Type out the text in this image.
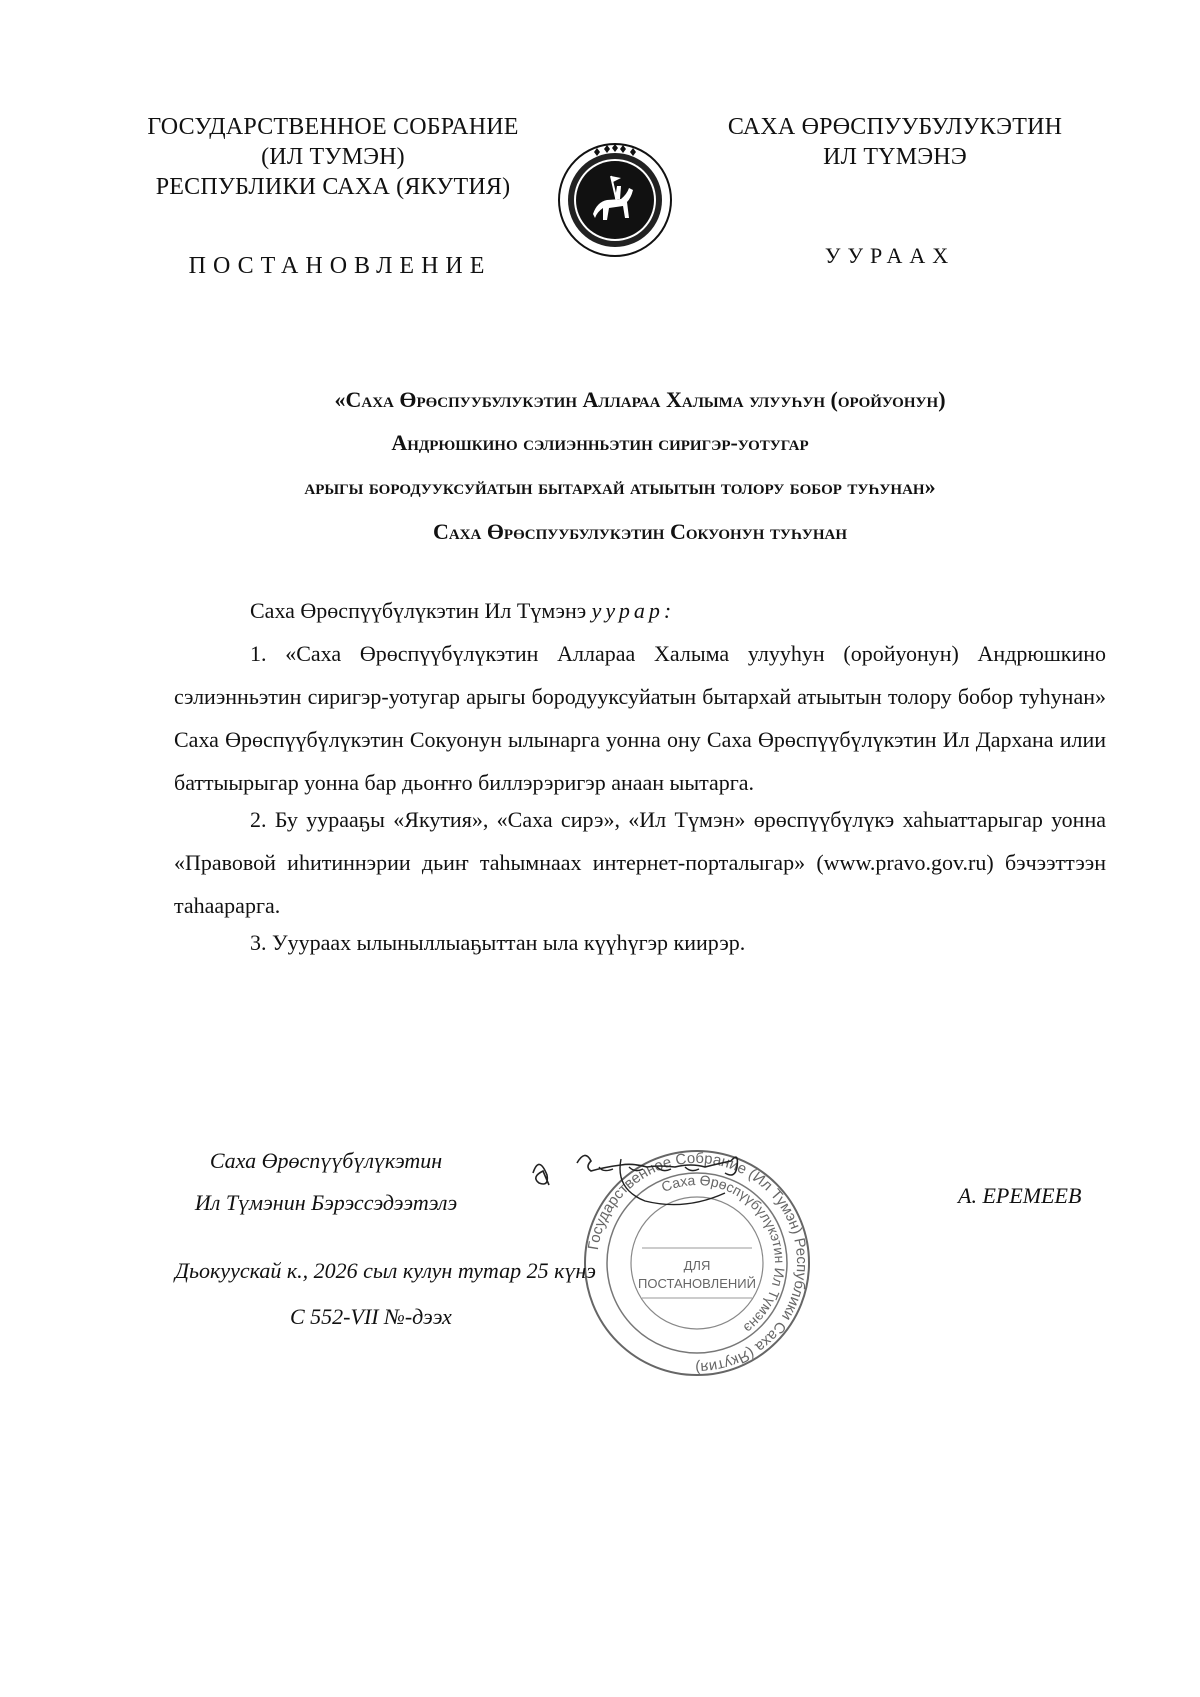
ГОСУДАРСТВЕННОЕ СОБРАНИЕ
(ИЛ ТУМЭН)
РЕСПУБЛИКИ САХА (ЯКУТИЯ)
САХА ӨРӨСПУУБУЛУКЭТИН
ИЛ ТҮМЭНЭ
ПОСТАНОВЛЕНИЕ	УУРААХ
«Саха Өрөспуубулукэтин Аллараа Халыма улууһун (оройуонун)
Андрюшкино сэлиэнньэтин сиригэр-уотугар
арыгы бородууксуйатын бытархай атыытын толору бобор туһунан»
Саха Өрөспуубулукэтин Сокуонун туһунан
Саха Өрөспүүбүлүкэтин Ил Түмэнэ уурар:
1. «Саха Өрөспүүбүлүкэтин Аллараа Халыма улууһун (оройуонун) Андрюшкино сэлиэнньэтин сиригэр-уотугар арыгы бородууксуйатын бытархай атыытын толору бобор туһунан» Саха Өрөспүүбүлүкэтин Сокуонун ылынарга уонна ону Саха Өрөспүүбүлүкэтин Ил Дархана илии баттыырыгар уонна бар дьоҥҥо биллэрэригэр анаан ыытарга.
2. Бу уурааҕы «Якутия», «Саха сирэ», «Ил Түмэн» өрөспүүбүлүкэ хаһыаттарыгар уонна «Правовой иһитиннэрии дьиҥ таһымнаах интернет-порталыгар» (www.pravo.gov.ru) бэчээттээн таһаарарга.
3. Ууураах ылыныллыаҕыттан ыла күүһүгэр киирэр.
Государственное Собрание (Ил Тумэн) Республики Саха (Якутия)
Саха Өрөспүүбүлүкэтин Ил Түмэнэ
ДЛЯ
ПОСТАНОВЛЕНИЙ
Саха Өрөспүүбүлүкэтин
Ил Түмэнин Бэрэссэдээтэлэ	А. ЕРЕМЕЕВ
Дьокуускай к., 2026 сыл кулун тутар 25 күнэ
С 552-VII №-дээх
